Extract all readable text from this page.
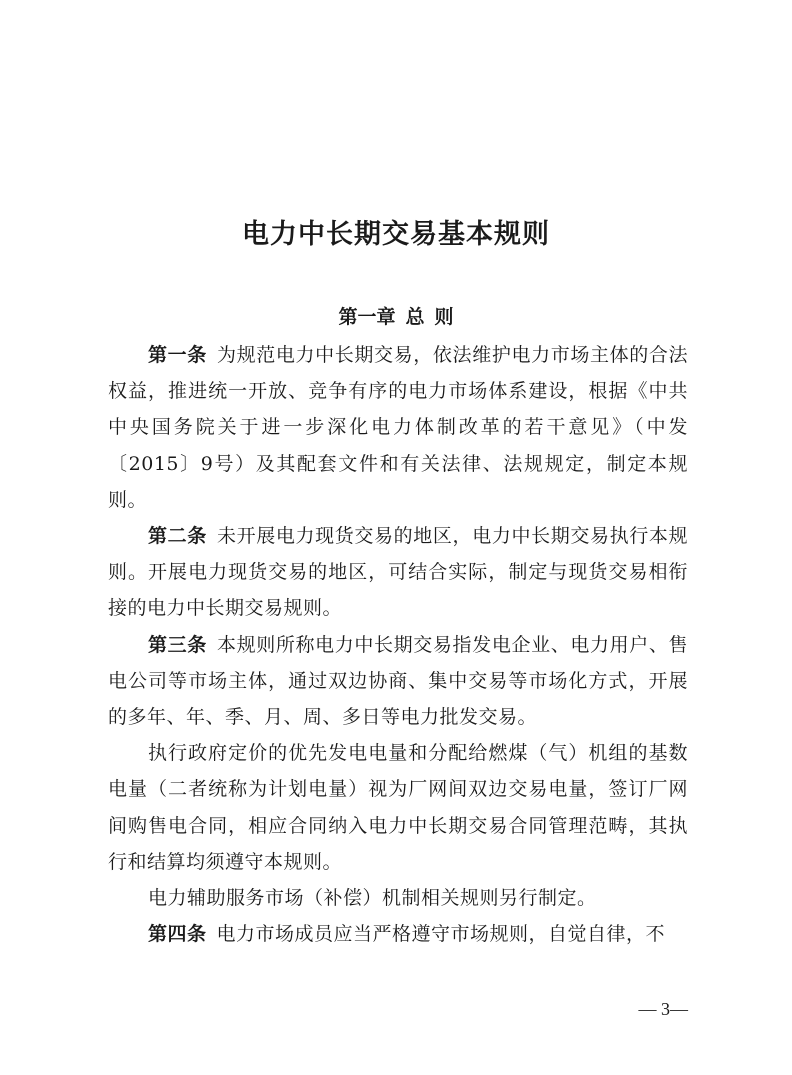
电力中长期交易基本规则
第一章 总 则

第一条 为规范电力中长期交易，依法维护电力市场主体的合法权益，推进统一开放、竞争有序的电力市场体系建设，根据《中共中央国务院关于进一步深化电力体制改革的若干意见》（中发〔2015〕9号）及其配套文件和有关法律、法规规定，制定本规则。

第二条 未开展电力现货交易的地区，电力中长期交易执行本规则。开展电力现货交易的地区，可结合实际，制定与现货交易相衔接的电力中长期交易规则。

第三条 本规则所称电力中长期交易指发电企业、电力用户、售电公司等市场主体，通过双边协商、集中交易等市场化方式，开展的多年、年、季、月、周、多日等电力批发交易。

执行政府定价的优先发电电量和分配给燃煤（气）机组的基数电量（二者统称为计划电量）视为厂网间双边交易电量，签订厂网间购售电合同，相应合同纳入电力中长期交易合同管理范畴，其执行和结算均须遵守本规则。

电力辅助服务市场（补偿）机制相关规则另行制定。

第四条 电力市场成员应当严格遵守市场规则，自觉自律，不

— 3—
